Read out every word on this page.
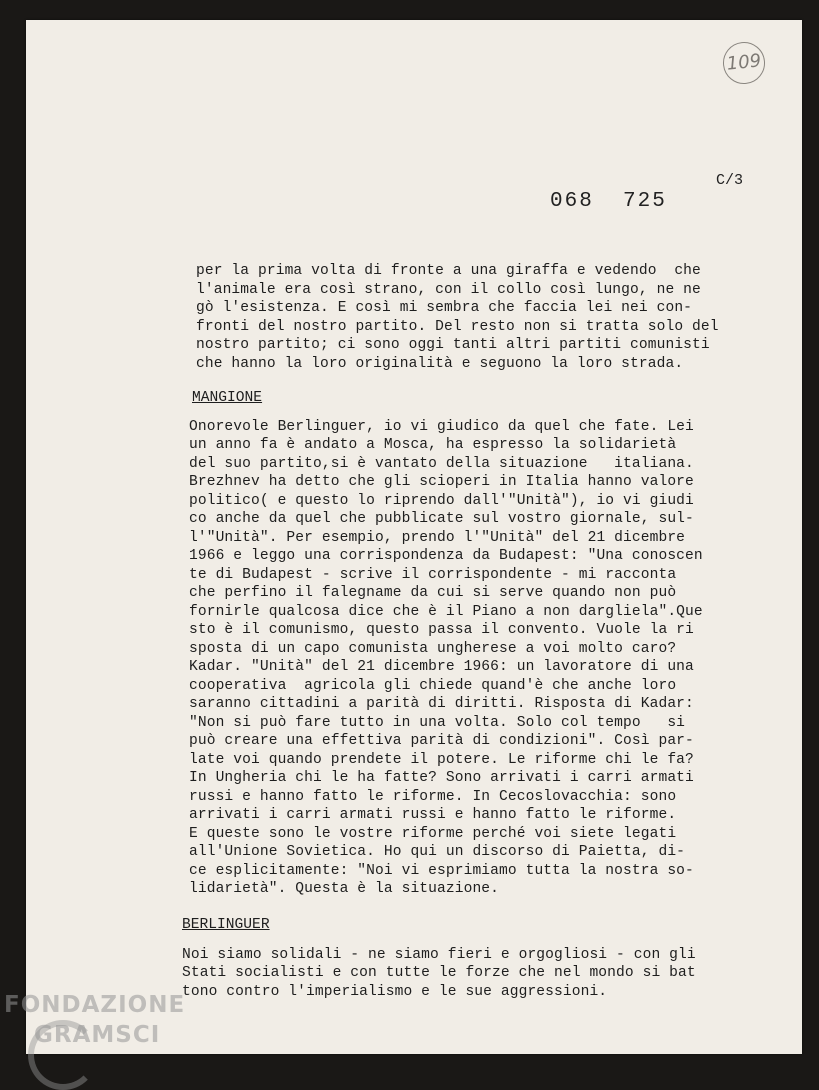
109
C/3
068  725
per la prima volta di fronte a una giraffa e vedendo  che
l'animale era così strano, con il collo così lungo, ne ne
gò l'esistenza. E così mi sembra che faccia lei nei con-
fronti del nostro partito. Del resto non si tratta solo del
nostro partito; ci sono oggi tanti altri partiti comunisti
che hanno la loro originalità e seguono la loro strada.
MANGIONE
Onorevole Berlinguer, io vi giudico da quel che fate. Lei
un anno fa è andato a Mosca, ha espresso la solidarietà
del suo partito,si è vantato della situazione   italiana.
Brezhnev ha detto che gli scioperi in Italia hanno valore
politico( e questo lo riprendo dall'"Unità"), io vi giudi
co anche da quel che pubblicate sul vostro giornale, sul-
l'"Unità". Per esempio, prendo l'"Unità" del 21 dicembre
1966 e leggo una corrispondenza da Budapest: "Una conoscen
te di Budapest - scrive il corrispondente - mi racconta
che perfino il falegname da cui si serve quando non può
fornirle qualcosa dice che è il Piano a non dargliela".Que
sto è il comunismo, questo passa il convento. Vuole la ri
sposta di un capo comunista ungherese a voi molto caro?
Kadar. "Unità" del 21 dicembre 1966: un lavoratore di una
cooperativa  agricola gli chiede quand'è che anche loro
saranno cittadini a parità di diritti. Risposta di Kadar:
"Non si può fare tutto in una volta. Solo col tempo   si
può creare una effettiva parità di condizioni". Così par-
late voi quando prendete il potere. Le riforme chi le fa?
In Ungheria chi le ha fatte? Sono arrivati i carri armati
russi e hanno fatto le riforme. In Cecoslovacchia: sono
arrivati i carri armati russi e hanno fatto le riforme.
E queste sono le vostre riforme perché voi siete legati
all'Unione Sovietica. Ho qui un discorso di Paietta, di-
ce esplicitamente: "Noi vi esprimiamo tutta la nostra so-
lidarietà". Questa è la situazione.
BERLINGUER
Noi siamo solidali - ne siamo fieri e orgogliosi - con gli
Stati socialisti e con tutte le forze che nel mondo si bat
tono contro l'imperialismo e le sue aggressioni.
FONDAZIONE
GRAMSCI
